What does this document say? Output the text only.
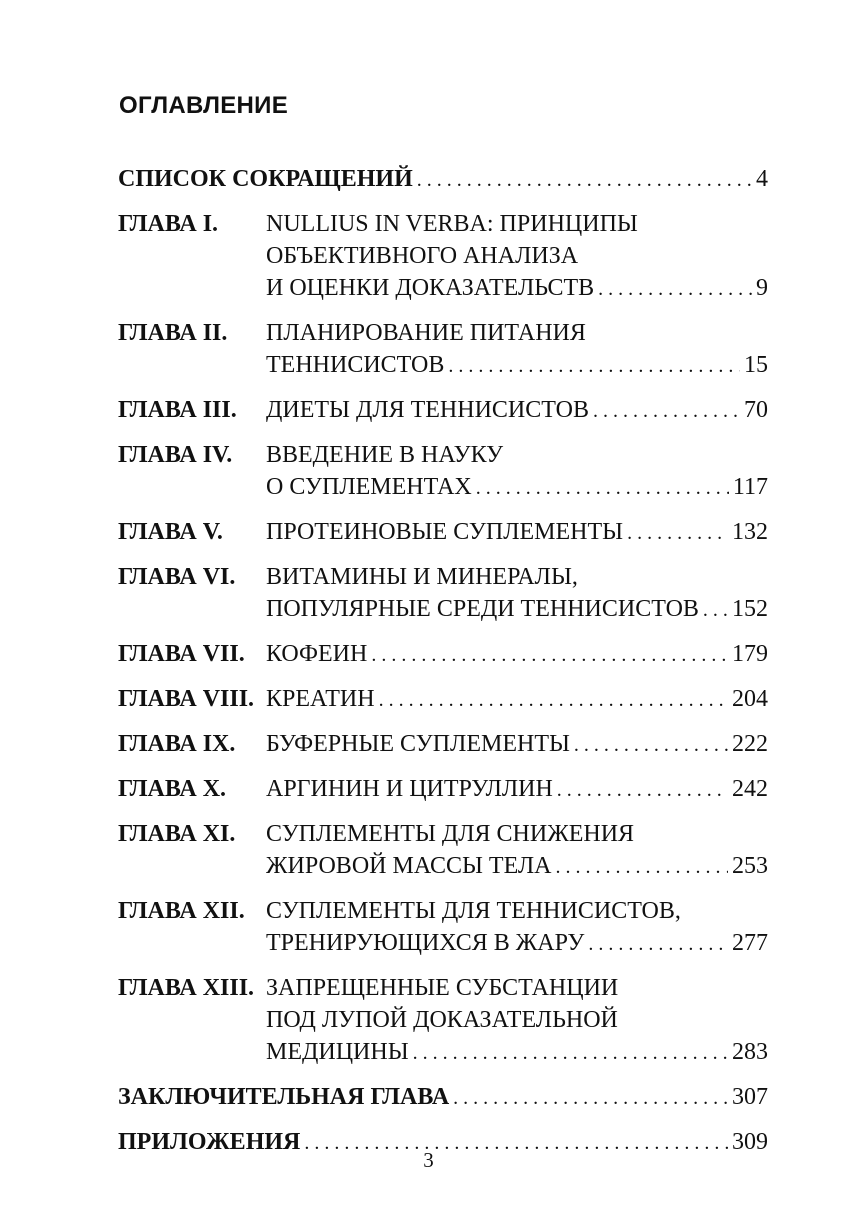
ОГЛАВЛЕНИЕ
СПИСОК СОКРАЩЕНИЙ . . .	4
ГЛАВА I.	NULLIUS IN VERBA: ПРИНЦИПЫ
ОБЪЕКТИВНОГО АНАЛИЗА
И ОЦЕНКИ ДОКАЗАТЕЛЬСТВ . . .	9
ГЛАВА II.	ПЛАНИРОВАНИЕ ПИТАНИЯ
ТЕННИСИСТОВ . . .	15
ГЛАВА III.	ДИЕТЫ ДЛЯ ТЕННИСИСТОВ . . .	70
ГЛАВА IV.	ВВЕДЕНИЕ В НАУКУ
О СУПЛЕМЕНТАХ . . .	117
ГЛАВА V.	ПРОТЕИНОВЫЕ СУПЛЕМЕНТЫ . . .	132
ГЛАВА VI.	ВИТАМИНЫ И МИНЕРАЛЫ,
ПОПУЛЯРНЫЕ СРЕДИ ТЕННИСИСТОВ . . . 152
ГЛАВА VII. КОФЕИН . . .	179
ГЛАВА VIII. КРЕАТИН . . .	204
ГЛАВА IX.	БУФЕРНЫЕ СУПЛЕМЕНТЫ . . .	222
ГЛАВА X.	АРГИНИН И ЦИТРУЛЛИН . . .	242
ГЛАВА XI.	СУПЛЕМЕНТЫ ДЛЯ СНИЖЕНИЯ
ЖИРОВОЙ МАССЫ ТЕЛА . . .	253
ГЛАВА XII. СУПЛЕМЕНТЫ ДЛЯ ТЕННИСИСТОВ,
ТРЕНИРУЮЩИХСЯ В ЖАРУ . . .	277
ГЛАВА XIII. ЗАПРЕЩЕННЫЕ СУБСТАНЦИИ
ПОД ЛУПОЙ ДОКАЗАТЕЛЬНОЙ
МЕДИЦИНЫ . . .	283
ЗАКЛЮЧИТЕЛЬНАЯ ГЛАВА . . .	307
ПРИЛОЖЕНИЯ . . .	309
3
